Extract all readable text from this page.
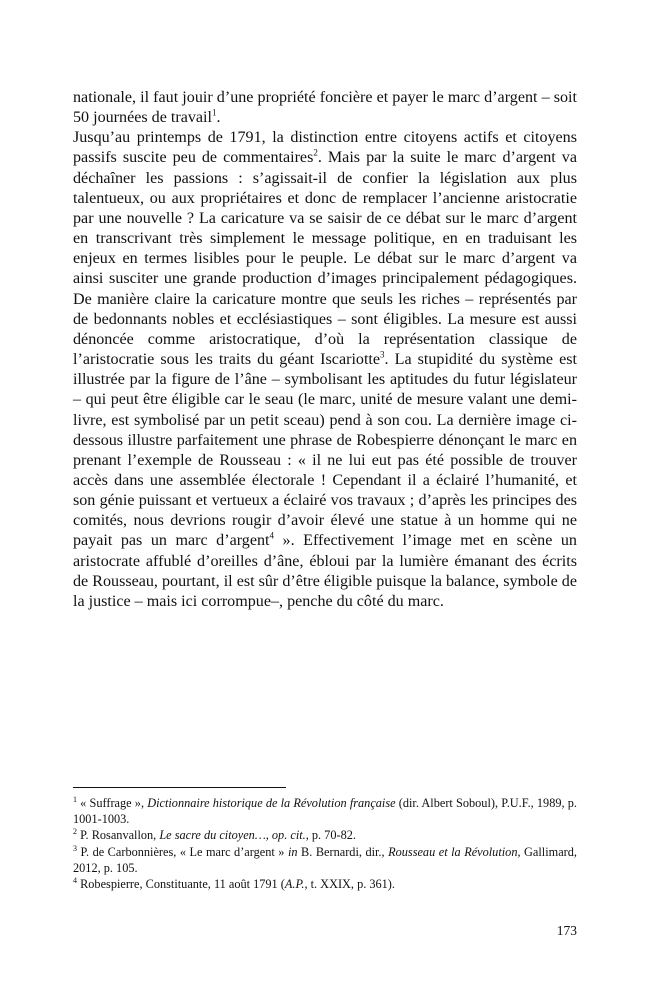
nationale, il faut jouir d’une propriété foncière et payer le marc d’argent – soit 50 journées de travail$^1$.

Jusqu’au printemps de 1791, la distinction entre citoyens actifs et citoyens passifs suscite peu de commentaires$^2$. Mais par la suite le marc d’argent va déchaîner les passions : s’agissait-il de confier la législation aux plus talentueux, ou aux propriétaires et donc de remplacer l’ancienne aristocratie par une nouvelle ? La caricature va se saisir de ce débat sur le marc d’argent en transcrivant très simplement le message politique, en en traduisant les enjeux en termes lisibles pour le peuple. Le débat sur le marc d’argent va ainsi susciter une grande production d’images principalement pédagogiques. De manière claire la caricature montre que seuls les riches – représentés par de bedonnants nobles et ecclésiastiques – sont éligibles. La mesure est aussi dénoncée comme aristocratique, d’où la représentation classique de l’aristocratie sous les traits du géant Iscariotte$^3$. La stupidité du système est illustrée par la figure de l’âne – symbolisant les aptitudes du futur législateur – qui peut être éligible car le seau (le marc, unité de mesure valant une demi-livre, est symbolisé par un petit sceau) pend à son cou. La dernière image ci-dessous illustre parfaitement une phrase de Robespierre dénonçant le marc en prenant l’exemple de Rousseau : « il ne lui eut pas été possible de trouver accès dans une assemblée électorale ! Cependant il a éclairé l’humanité, et son génie puissant et vertueux a éclairé vos travaux ; d’après les principes des comités, nous devrions rougir d’avoir élevé une statue à un homme qui ne payait pas un marc d’argent$^4$ ». Effectivement l’image met en scène un aristocrate affublé d’oreilles d’âne, ébloui par la lumière émanant des écrits de Rousseau, pourtant, il est sûr d’être éligible puisque la balance, symbole de la justice – mais ici corrompue–, penche du côté du marc.

$^1$ « Suffrage », Dictionnaire historique de la Révolution française (dir. Albert Soboul), P.U.F., 1989, p. 1001-1003.

$^2$ P. Rosanvallon, Le sacre du citoyen…, op. cit., p. 70-82.

$^3$ P. de Carbonnières, « Le marc d’argent » in B. Bernardi, dir., Rousseau et la Révolution, Gallimard, 2012, p. 105.

$^4$ Robespierre, Constituante, 11 août 1791 (A.P., t. XXIX, p. 361).

173
